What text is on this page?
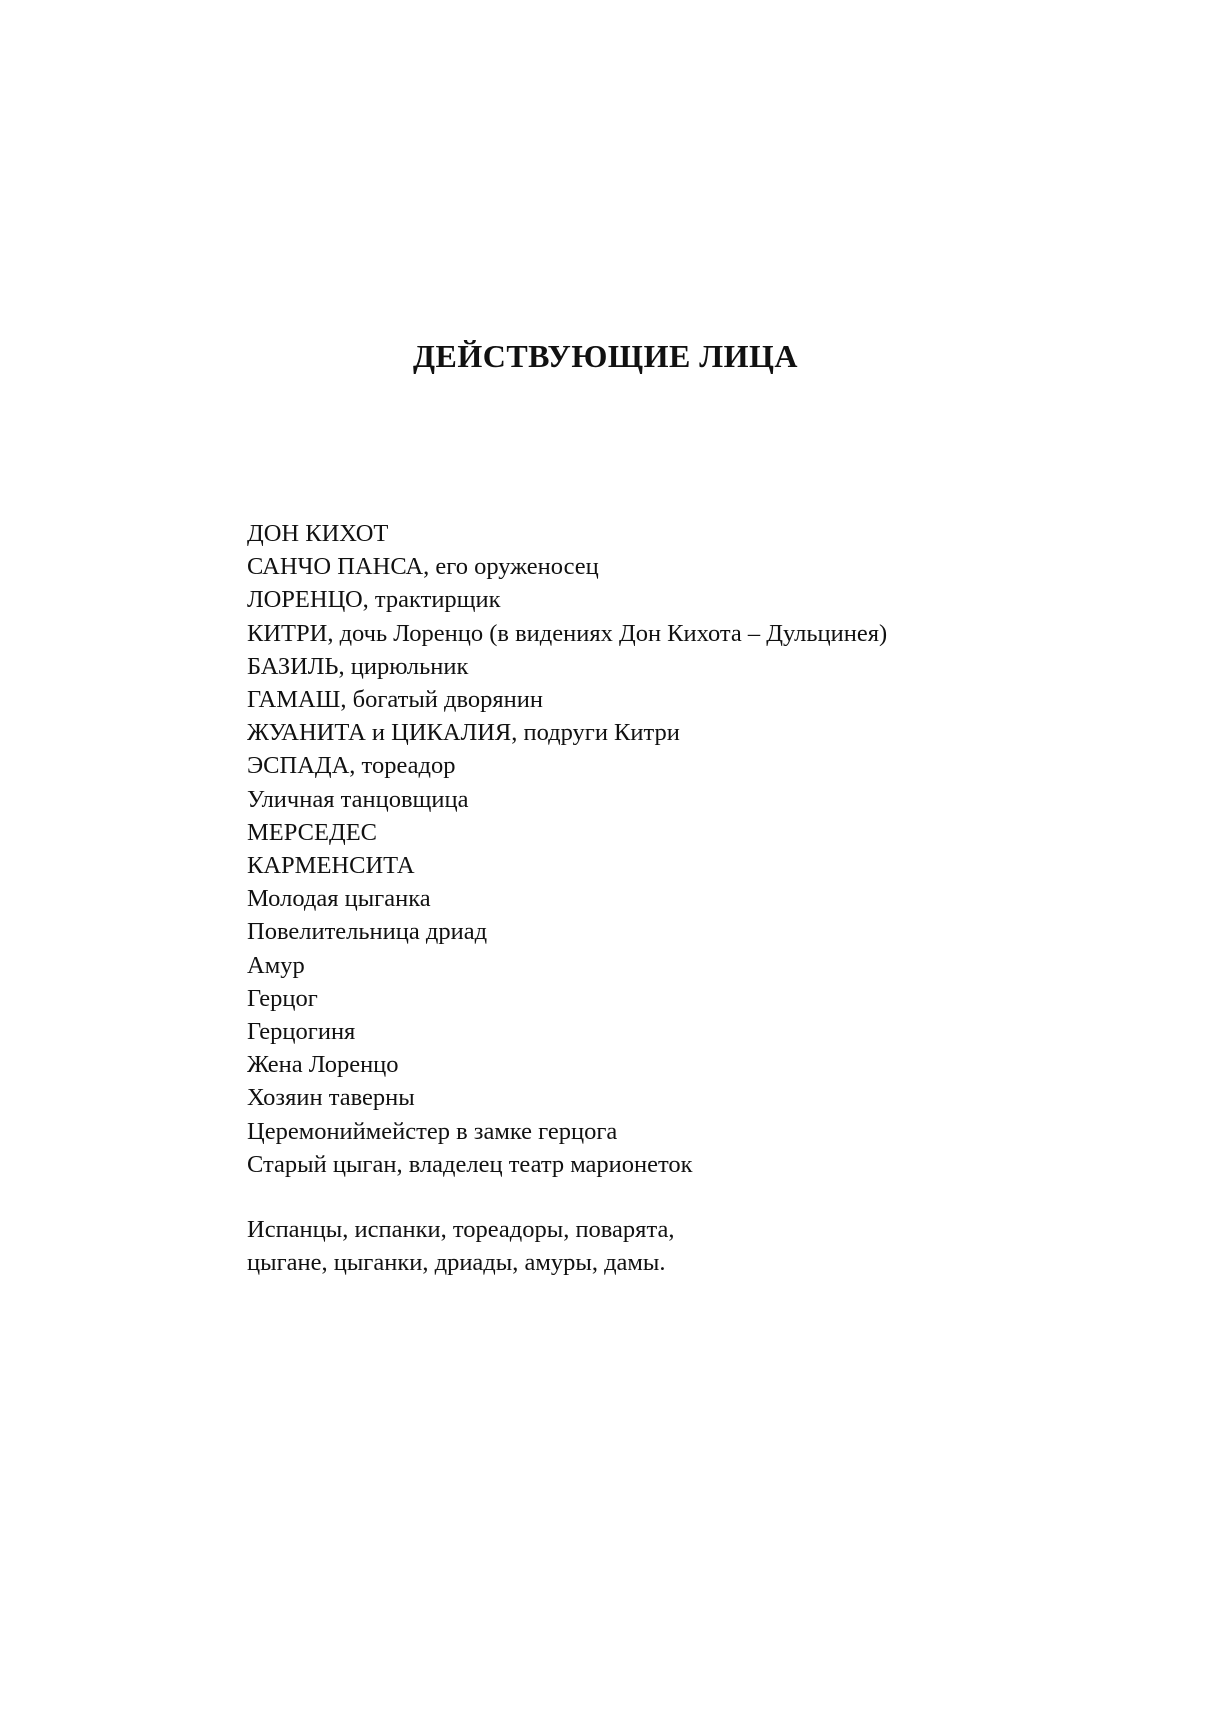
ДЕЙСТВУЮЩИЕ ЛИЦА
ДОН КИХОТ
САНЧО ПАНСА, его оруженосец
ЛОРЕНЦО, трактирщик
КИТРИ, дочь Лоренцо (в видениях Дон Кихота – Дульцинея)
БАЗИЛЬ, цирюльник
ГАМАШ, богатый дворянин
ЖУАНИТА и ЦИКАЛИЯ, подруги Китри
ЭСПАДА, тореадор
Уличная танцовщица
МЕРСЕДЕС
КАРМЕНСИТА
Молодая цыганка
Повелительница дриад
Амур
Герцог
Герцогиня
Жена Лоренцо
Хозяин таверны
Церемониймейстер в замке герцога
Старый цыган, владелец театр марионеток
Испанцы, испанки, тореадоры, поварята,
цыгане, цыганки, дриады, амуры, дамы.
